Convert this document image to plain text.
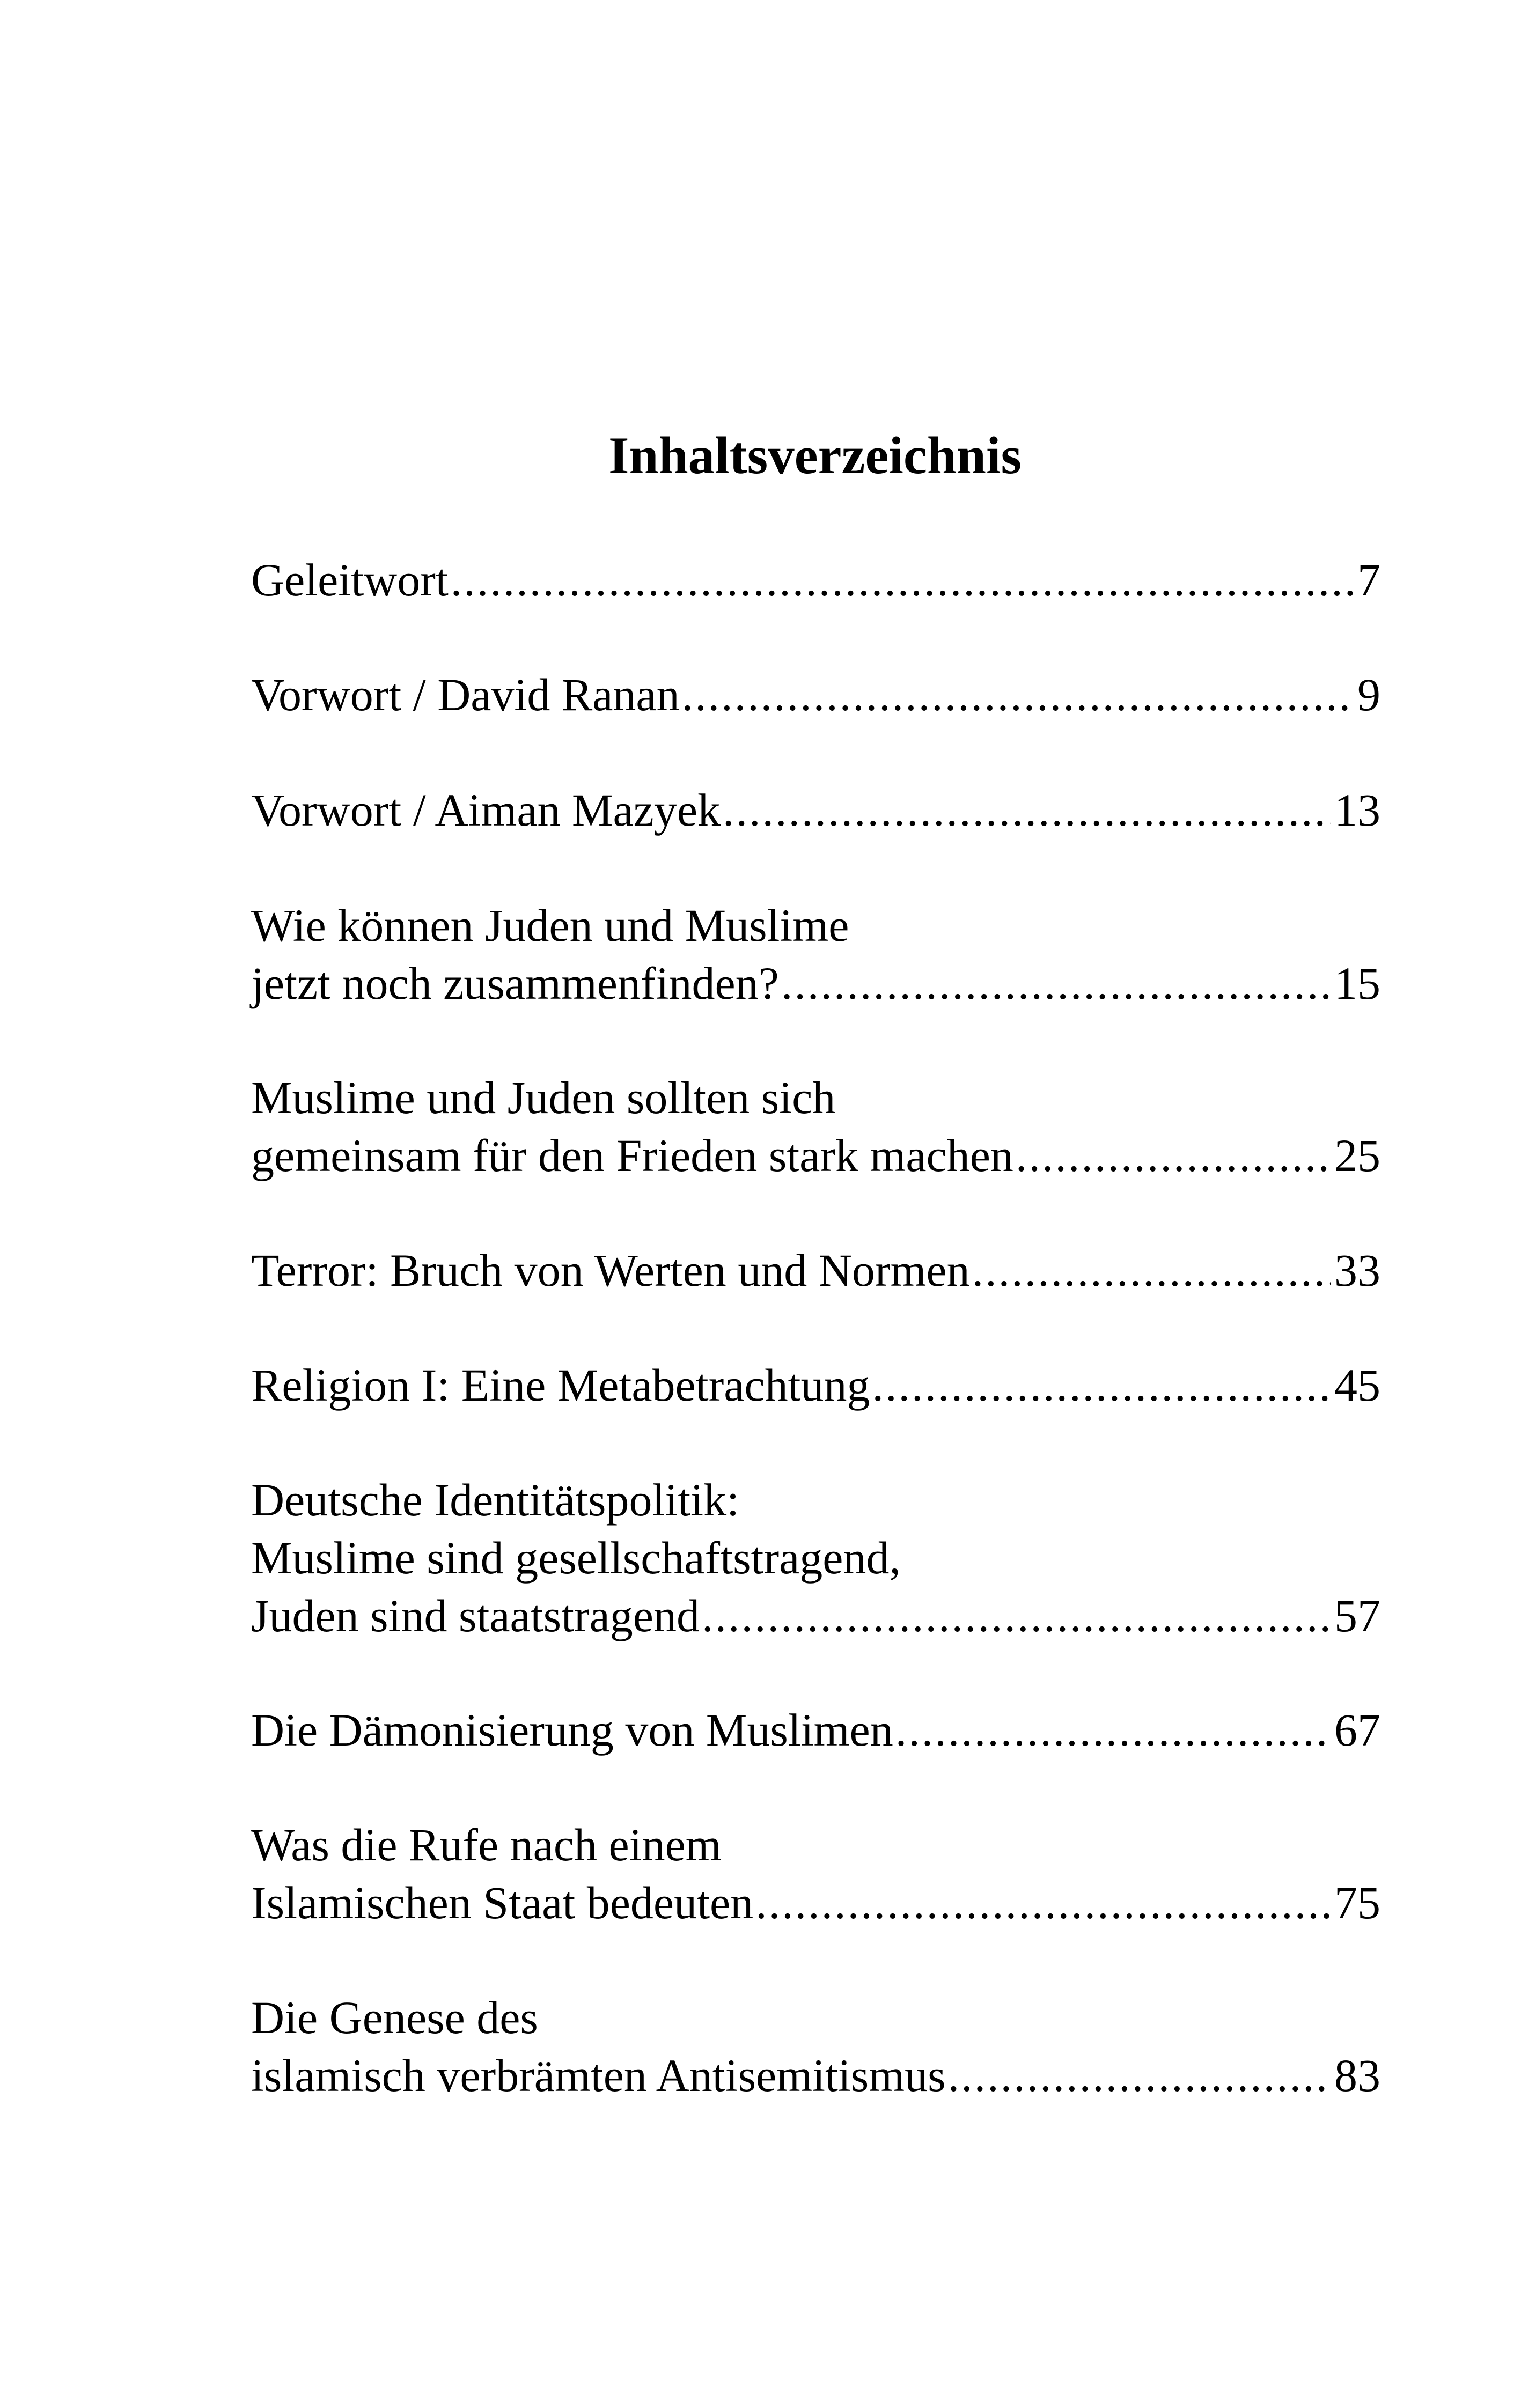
Inhaltsverzeichnis
Geleitwort .....	7
Vorwort / David Ranan .....	9
Vorwort / Aiman Mazyek .....	13
Wie können Juden und Muslime
jetzt noch zusammenfinden? .....	15
Muslime und Juden sollten sich
gemeinsam für den Frieden stark machen .....	25
Terror: Bruch von Werten und Normen .....	33
Religion I: Eine Metabetrachtung .....	45
Deutsche Identitätspolitik:
Muslime sind gesellschaftstragend,
Juden sind staatstragend .....	57
Die Dämonisierung von Muslimen .....	67
Was die Rufe nach einem
Islamischen Staat bedeuten .....	75
Die Genese des
islamisch verbrämten Antisemitismus .....	83
